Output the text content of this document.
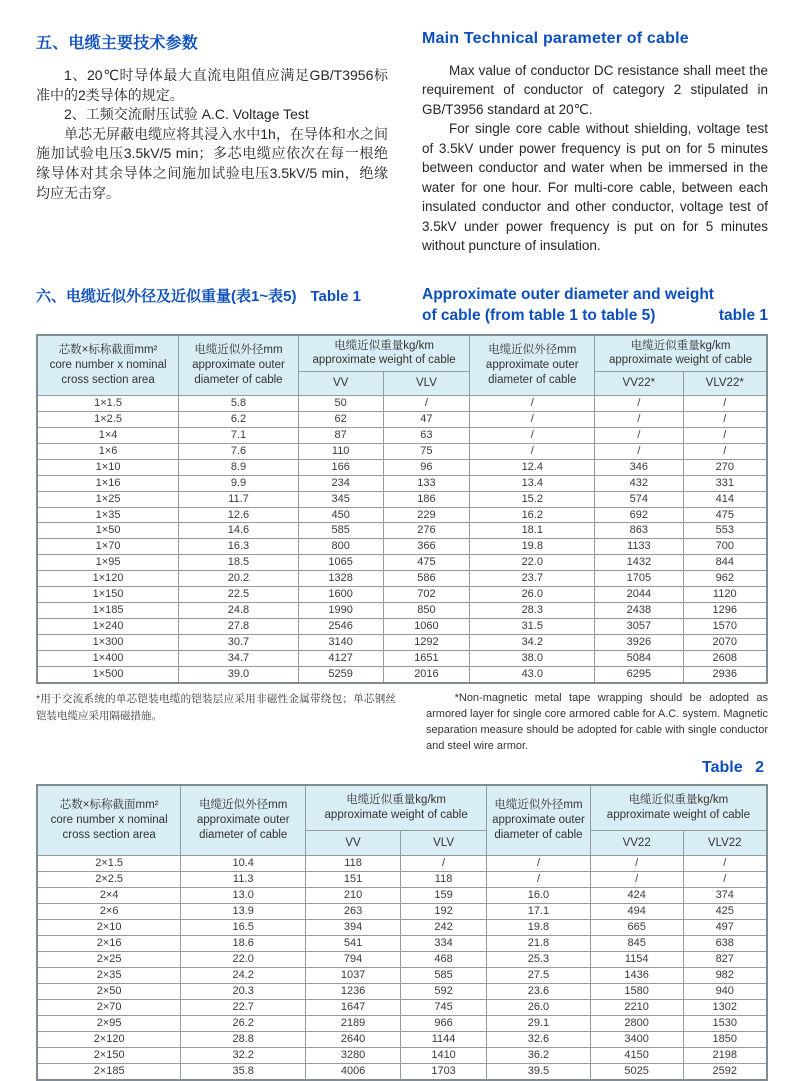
五、电缆主要技术参数

1、20℃时导体最大直流电阻值应满足GB/T3956标准中的2类导体的规定。

2、工频交流耐压试验 A.C. Voltage Test

单芯无屏蔽电缆应将其浸入水中1h，在导体和水之间施加试验电压3.5kV/5 min；多芯电缆应依次在每一根绝缘导体对其余导体之间施加试验电压3.5kV/5 min，绝缘均应无击穿。

Main Technical parameter of cable

Max value of conductor DC resistance shall meet the requirement of conductor of category 2 stipulated in GB/T3956 standard at 20℃.

For single core cable without shielding, voltage test of 3.5kV under power frequency is put on for 5 minutes between conductor and water when be immersed in the water for one hour. For multi-core cable, between each insulated conductor and other conductor, voltage test of 3.5kV under power frequency is put on for 5 minutes without puncture of insulation.

六、电缆近似外径及近似重量(表1~表5) Table 1	Approximate outer diameter and weight
of cable (from table 1 to table 5)	table 1
芯数×标称截面mm²
core number x nominal cross section area	电缆近似外径mm
approximate outer diameter of cable	电缆近似重量kg/km
approximate weight of cable		电缆近似外径mm
approximate outer diameter of cable	电缆近似重量kg/km
approximate weight of cable	
		VV	VLV		VV22*	VLV22*
1×1.5	5.8	50	/	/	/	/
1×2.5	6.2	62	47	/	/	/
1×4	7.1	87	63	/	/	/
1×6	7.6	110	75	/	/	/
1×10	8.9	166	96	12.4	346	270
1×16	9.9	234	133	13.4	432	331
1×25	11.7	345	186	15.2	574	414
1×35	12.6	450	229	16.2	692	475
1×50	14.6	585	276	18.1	863	553
1×70	16.3	800	366	19.8	1133	700
1×95	18.5	1065	475	22.0	1432	844
1×120	20.2	1328	586	23.7	1705	962
1×150	22.5	1600	702	26.0	2044	1120
1×185	24.8	1990	850	28.3	2438	1296
1×240	27.8	2546	1060	31.5	3057	1570
1×300	30.7	3140	1292	34.2	3926	2070
1×400	34.7	4127	1651	38.0	5084	2608
1×500	39.0	5259	2016	43.0	6295	2936

*用于交流系统的单芯铠装电缆的铠装层应采用非磁性金属带绕包；单芯钢丝铠装电缆应采用隔磁措施。

*Non-magnetic metal tape wrapping should be adopted as armored layer for single core armored cable for A.C. system. Magnetic separation measure should be adopted for cable with single conductor and steel wire armor.

Table 2
芯数×标称截面mm²
core number x nominal cross section area	电缆近似外径mm
approximate outer diameter of cable	电缆近似重量kg/km
approximate weight of cable		电缆近似外径mm
approximate outer diameter of cable	电缆近似重量kg/km
approximate weight of cable	
		VV	VLV		VV22	VLV22
2×1.5	10.4	118	/	/	/	/
2×2.5	11.3	151	118	/	/	/
2×4	13.0	210	159	16.0	424	374
2×6	13.9	263	192	17.1	494	425
2×10	16.5	394	242	19.8	665	497
2×16	18.6	541	334	21.8	845	638
2×25	22.0	794	468	25.3	1154	827
2×35	24.2	1037	585	27.5	1436	982
2×50	20.3	1236	592	23.6	1580	940
2×70	22.7	1647	745	26.0	2210	1302
2×95	26.2	2189	966	29.1	2800	1530
2×120	28.8	2640	1144	32.6	3400	1850
2×150	32.2	3280	1410	36.2	4150	2198
2×185	35.8	4006	1703	39.5	5025	2592
